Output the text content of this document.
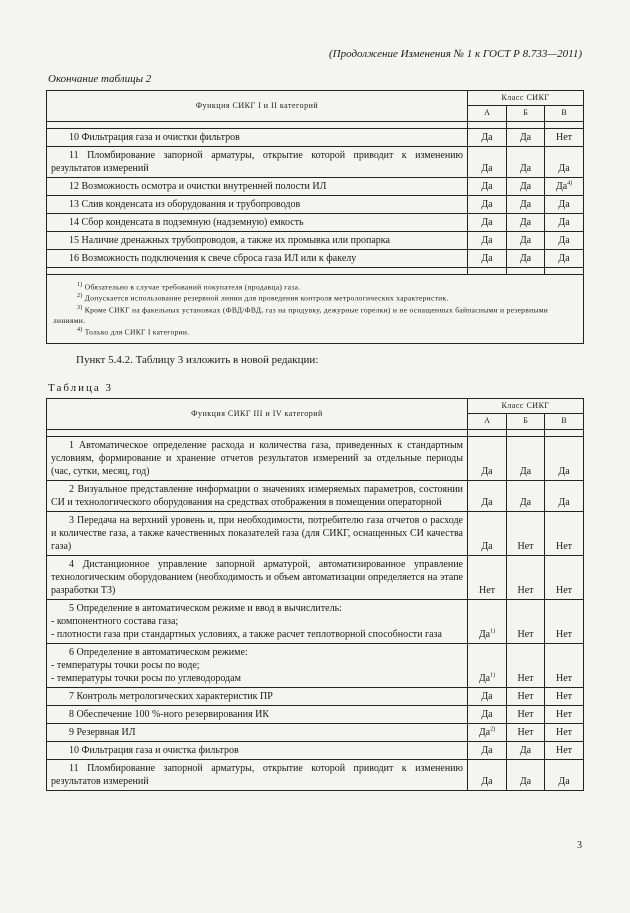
(Продолжение Изменения № 1 к ГОСТ Р 8.733—2011)
Окончание таблицы 2
Функция СИКГ I и II категорий	Класс СИКГ		
	А	Б	В

10 Фильтрация газа и очистки фильтров	Да	Да	Нет
11 Пломбирование запорной арматуры, открытие которой приводит к изменению результатов измерений	Да	Да	Да
12 Возможность осмотра и очистки внутренней полости ИЛ	Да	Да	$Да^{4)}$
13 Слив конденсата из оборудования и трубопроводов	Да	Да	Да
14 Сбор конденсата в подземную (надземную) емкость	Да	Да	Да
15 Наличие дренажных трубопроводов, а также их промывка или пропарка	Да	Да	Да
16 Возможность подключения к свече сброса газа ИЛ или к факелу	Да	Да	Да

$^{1)}$ Обязательно в случае требований покупателя (продавца) газа.
$^{2)}$ Допускается использование резервной линии для проведения контроля метрологических характеристик.
$^{3)}$ Кроме СИКГ на факельных установках (ФВД/ФВД, газ на продувку, дежурные горелки) и не оснащенных байпасными и резервными линиями.
$^{4)}$ Только для СИКГ I категории.			
Пункт 5.4.2. Таблицу 3 изложить в новой редакции:
Таблица 3
Функция СИКГ III и IV категорий	Класс СИКГ		
	А	Б	В

1 Автоматическое определение расхода и количества газа, приведенных к стандартным условиям, формирование и хранение отчетов результатов измерений за отдельные периоды (час, сутки, месяц, год)	Да	Да	Да

2 Визуальное представление информации о значениях измеряемых параметров, состоянии СИ и технологического оборудования на средствах отображения в помещении операторной	Да	Да	Да

3 Передача на верхний уровень и, при необходимости, потребителю газа отчетов о расходе и количестве газа, а также качественных показателей газа (для СИКГ, оснащенных СИ качества газа)	Да	Нет	Нет

4 Дистанционное управление запорной арматурой, автоматизированное управление технологическим оборудованием (необходимость и объем автоматизации определяется на этапе разработки ТЗ)	Нет	Нет	Нет

5 Определение в автоматическом режиме и ввод в вычислитель:
- компонентного состава газа;
- плотности газа при стандартных условиях, а также расчет теплотворной способности газа	$Да^{1)}$	Нет	Нет

6 Определение в автоматическом режиме:
- температуры точки росы по воде;
- температуры точки росы по углеводородам	$Да^{1)}$	Нет	Нет

7 Контроль метрологических характеристик ПР	Да	Нет	Нет

8 Обеспечение 100 %-ного резервирования ИК	Да	Нет	Нет

9 Резервная ИЛ	$Да^{2)}$	Нет	Нет

10 Фильтрация газа и очистка фильтров	Да	Да	Нет

11 Пломбирование запорной арматуры, открытие которой приводит к изменению результатов измерений	Да	Да	Да
3
